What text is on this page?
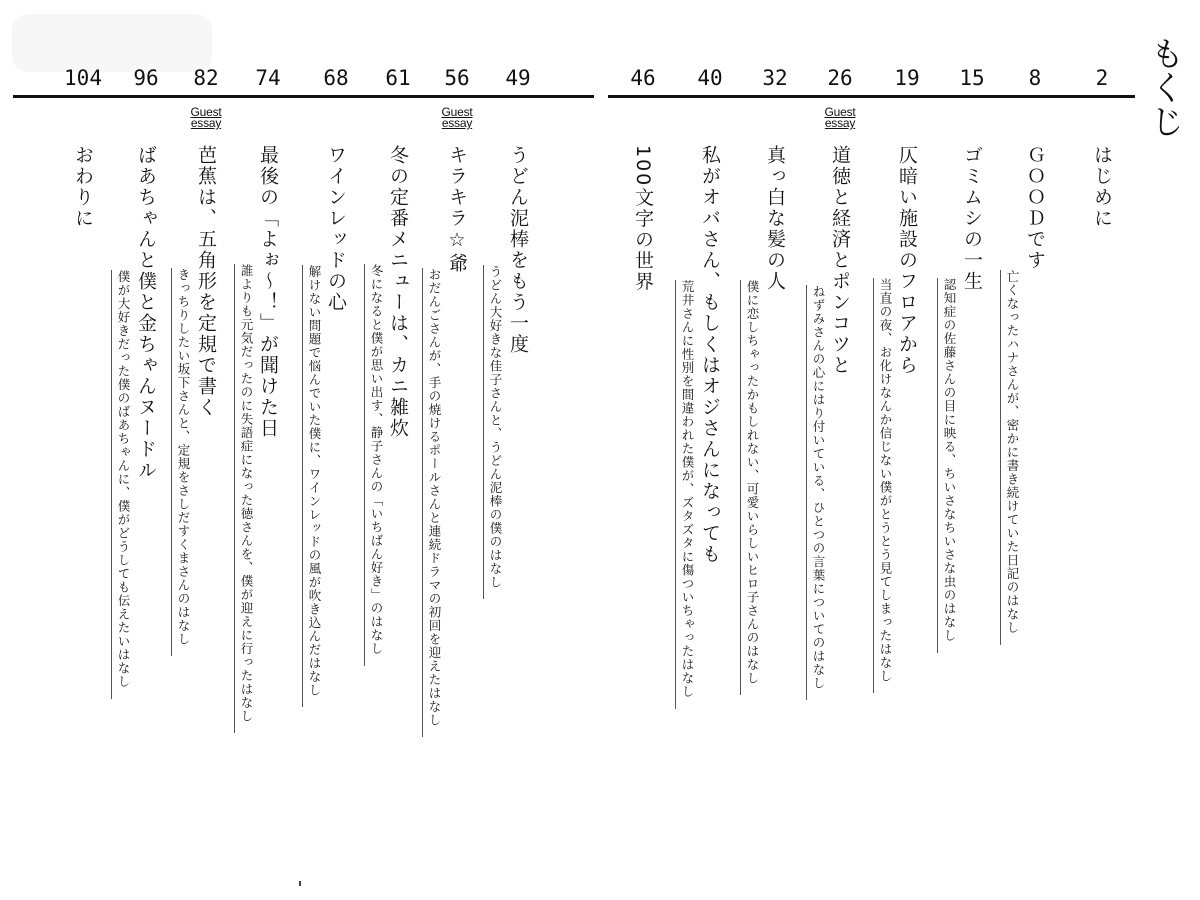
もくじ
2
はじめに
8
ＧＯＯＤです
亡くなったハナさんが、密かに書き続けていた日記のはなし
15
ゴミムシの一生
認知症の佐藤さんの目に映る、ちいさなちいさな虫のはなし
19
仄暗い施設のフロアから
当直の夜、お化けなんか信じない僕がとうとう見てしまったはなし
26
Guest
essay
道徳と経済とポンコツと
ねずみさんの心にはり付いている、ひとつの言葉についてのはなし
32
真っ白な髪の人
僕に恋しちゃったかもしれない、可愛いらしいヒロ子さんのはなし
40
私がオバさん、もしくはオジさんになっても
荒井さんに性別を間違われた僕が、ズタズタに傷ついちゃったはなし
46
100文字の世界
49
うどん泥棒をもう一度
うどん大好きな佳子さんと、うどん泥棒の僕のはなし
56
Guest
essay
キラキラ☆爺
おだんごさんが、手の焼けるポールさんと連続ドラマの初回を迎えたはなし
61
冬の定番メニューは、カニ雑炊
冬になると僕が思い出す、静子さんの「いちばん好き」のはなし
68
ワインレッドの心
解けない問題で悩んでいた僕に、ワインレッドの風が吹き込んだはなし
74
最後の「よぉ〜！」が聞けた日
誰よりも元気だったのに失語症になった徳さんを、僕が迎えに行ったはなし
82
Guest
essay
芭蕉は、五角形を定規で書く
きっちりしたい坂下さんと、定規をさしだすくまさんのはなし
96
ばあちゃんと僕と金ちゃんヌードル
僕が大好きだった僕のばあちゃんに、僕がどうしても伝えたいはなし
104
おわりに
